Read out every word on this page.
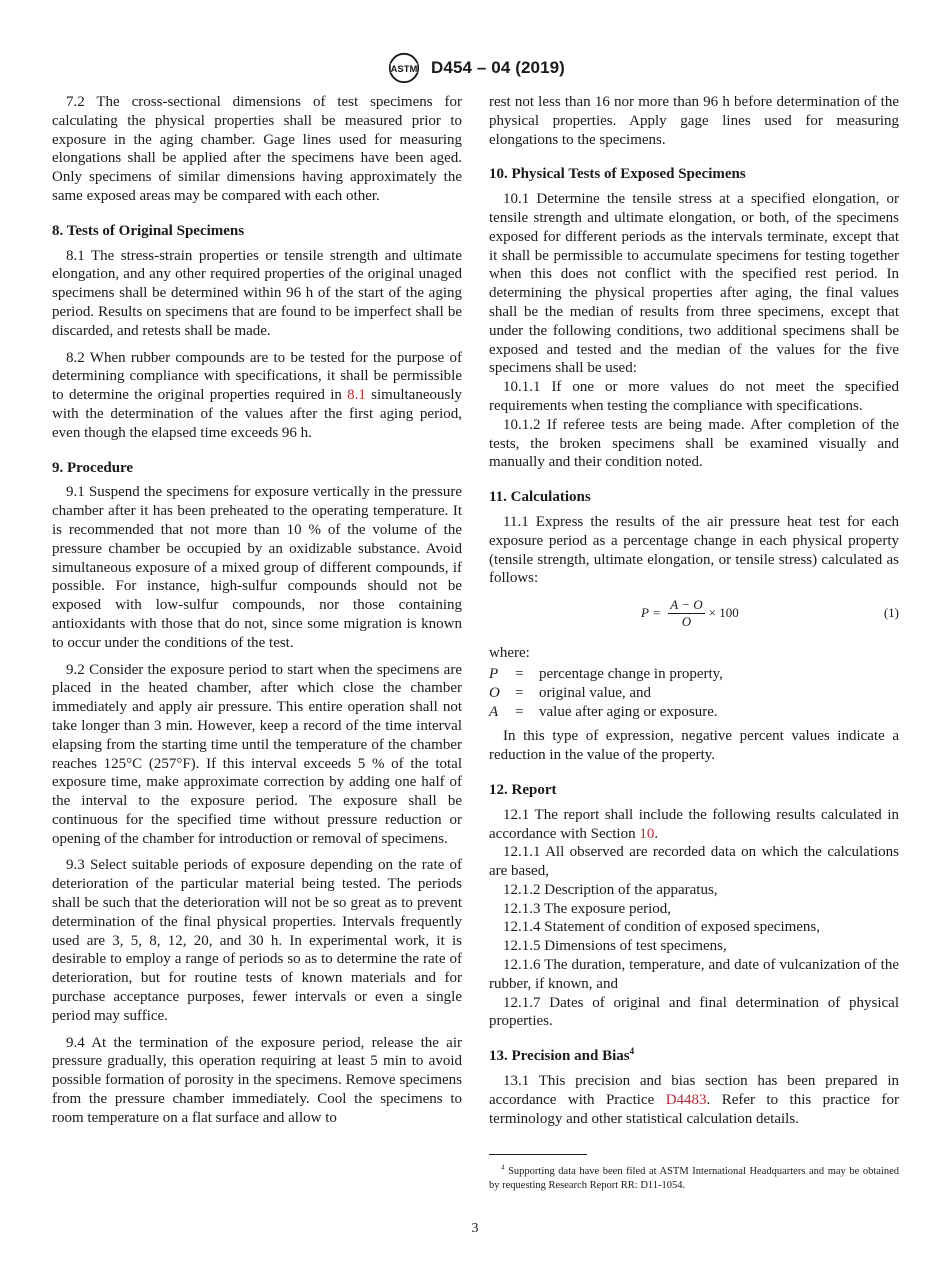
ASTM D454 – 04 (2019)

7.2 The cross-sectional dimensions of test specimens for calculating the physical properties shall be measured prior to exposure in the aging chamber. Gage lines used for measuring elongations shall be applied after the specimens have been aged. Only specimens of similar dimensions having approximately the same exposed areas may be compared with each other.

8. Tests of Original Specimens

8.1 The stress-strain properties or tensile strength and ultimate elongation, and any other required properties of the original unaged specimens shall be determined within 96 h of the start of the aging period. Results on specimens that are found to be imperfect shall be discarded, and retests shall be made.

8.2 When rubber compounds are to be tested for the purpose of determining compliance with specifications, it shall be permissible to determine the original properties required in 8.1 simultaneously with the determination of the values after the first aging period, even though the elapsed time exceeds 96 h.

9. Procedure

9.1 Suspend the specimens for exposure vertically in the pressure chamber after it has been preheated to the operating temperature. It is recommended that not more than 10 % of the volume of the pressure chamber be occupied by an oxidizable substance. Avoid simultaneous exposure of a mixed group of different compounds, if possible. For instance, high-sulfur compounds should not be exposed with low-sulfur compounds, nor those containing antioxidants with those that do not, since some migration is known to occur under the conditions of the test.

9.2 Consider the exposure period to start when the specimens are placed in the heated chamber, after which close the chamber immediately and apply air pressure. This entire operation shall not take longer than 3 min. However, keep a record of the time interval elapsing from the starting time until the temperature of the chamber reaches 125°C (257°F). If this interval exceeds 5 % of the total exposure time, make approximate correction by adding one half of the interval to the exposure period. The exposure shall be continuous for the specified time without pressure reduction or opening of the chamber for introduction or removal of specimens.

9.3 Select suitable periods of exposure depending on the rate of deterioration of the particular material being tested. The periods shall be such that the deterioration will not be so great as to prevent determination of the final physical properties. Intervals frequently used are 3, 5, 8, 12, 20, and 30 h. In experimental work, it is desirable to employ a range of periods so as to determine the rate of deterioration, but for routine tests of known materials and for purchase acceptance purposes, fewer intervals or even a single period may suffice.

9.4 At the termination of the exposure period, release the air pressure gradually, this operation requiring at least 5 min to avoid possible formation of porosity in the specimens. Remove specimens from the pressure chamber immediately. Cool the specimens to room temperature on a flat surface and allow to

rest not less than 16 nor more than 96 h before determination of the physical properties. Apply gage lines used for measuring elongations to the specimens.

10. Physical Tests of Exposed Specimens

10.1 Determine the tensile stress at a specified elongation, or tensile strength and ultimate elongation, or both, of the specimens exposed for different periods as the intervals terminate, except that it shall be permissible to accumulate specimens for testing together when this does not conflict with the specified rest period. In determining the physical properties after aging, the final values shall be the median of results from three specimens, except that under the following conditions, two additional specimens shall be exposed and tested and the median of the values for the five specimens shall be used:

10.1.1 If one or more values do not meet the specified requirements when testing the compliance with specifications.

10.1.2 If referee tests are being made. After completion of the tests, the broken specimens shall be examined visually and manually and their condition noted.

11. Calculations

11.1 Express the results of the air pressure heat test for each exposure period as a percentage change in each physical property (tensile strength, ultimate elongation, or tensile stress) calculated as follows:

$P = \frac{A - O}{O} \times 100$	(1)

where:

P	=	percentage change in property,
O	=	original value, and
A	=	value after aging or exposure.

In this type of expression, negative percent values indicate a reduction in the value of the property.

12. Report

12.1 The report shall include the following results calculated in accordance with Section 10.

12.1.1 All observed are recorded data on which the calculations are based,

12.1.2 Description of the apparatus,

12.1.3 The exposure period,

12.1.4 Statement of condition of exposed specimens,

12.1.5 Dimensions of test specimens,

12.1.6 The duration, temperature, and date of vulcanization of the rubber, if known, and

12.1.7 Dates of original and final determination of physical properties.

13. Precision and Bias$^4$

13.1 This precision and bias section has been prepared in accordance with Practice D4483. Refer to this practice for terminology and other statistical calculation details.

$^4$ Supporting data have been filed at ASTM International Headquarters and may be obtained by requesting Research Report RR: D11-1054.

3
